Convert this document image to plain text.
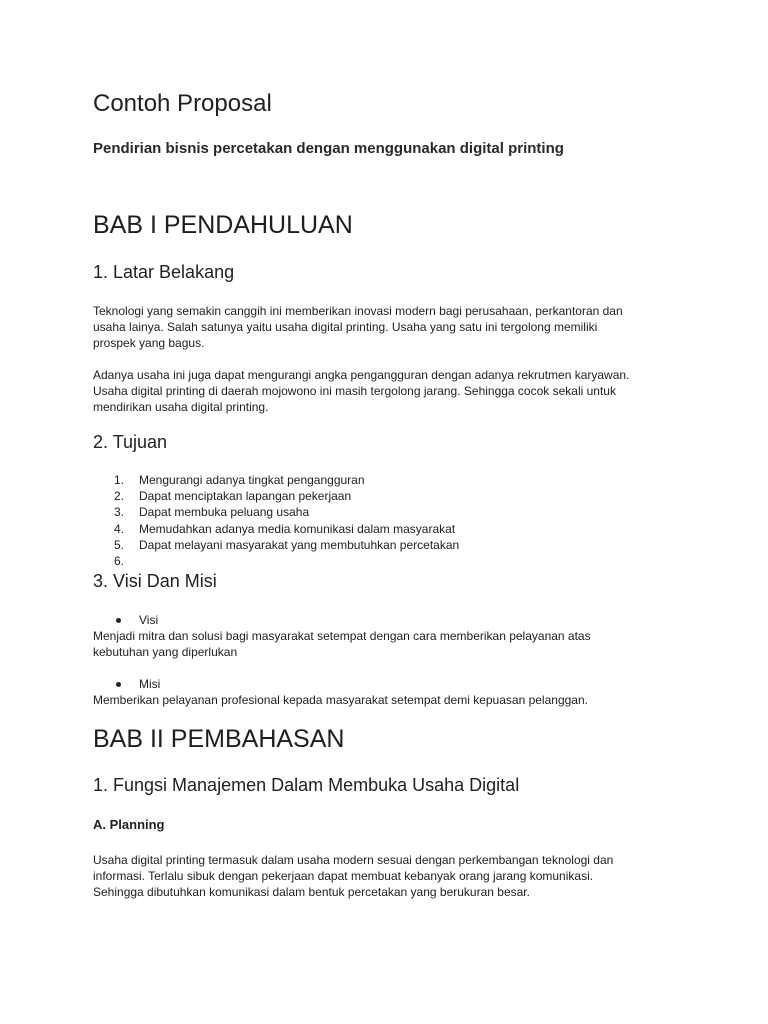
Contoh Proposal
Pendirian bisnis percetakan dengan menggunakan digital printing
BAB I PENDAHULUAN
1. Latar Belakang
Teknologi yang semakin canggih ini memberikan inovasi modern bagi perusahaan, perkantoran dan
usaha lainya. Salah satunya yaitu usaha digital printing. Usaha yang satu ini tergolong memiliki
prospek yang bagus.
Adanya usaha ini juga dapat mengurangi angka pengangguran dengan adanya rekrutmen karyawan.
Usaha digital printing di daerah mojowono ini masih tergolong jarang. Sehingga cocok sekali untuk
mendirikan usaha digital printing.
2. Tujuan
1.	Mengurangi adanya tingkat pengangguran
2.	Dapat menciptakan lapangan pekerjaan
3.	Dapat membuka peluang usaha
4.	Memudahkan adanya media komunikasi dalam masyarakat
5.	Dapat melayani masyarakat yang membutuhkan percetakan
6.
3. Visi Dan Misi
Visi
Menjadi mitra dan solusi bagi masyarakat setempat dengan cara memberikan pelayanan atas
kebutuhan yang diperlukan
Misi
Memberikan pelayanan profesional kepada masyarakat setempat demi kepuasan pelanggan.
BAB II PEMBAHASAN
1. Fungsi Manajemen Dalam Membuka Usaha Digital
A. Planning
Usaha digital printing termasuk dalam usaha modern sesuai dengan perkembangan teknologi dan
informasi. Terlalu sibuk dengan pekerjaan dapat membuat kebanyak orang jarang komunikasi.
Sehingga dibutuhkan komunikasi dalam bentuk percetakan yang berukuran besar.
